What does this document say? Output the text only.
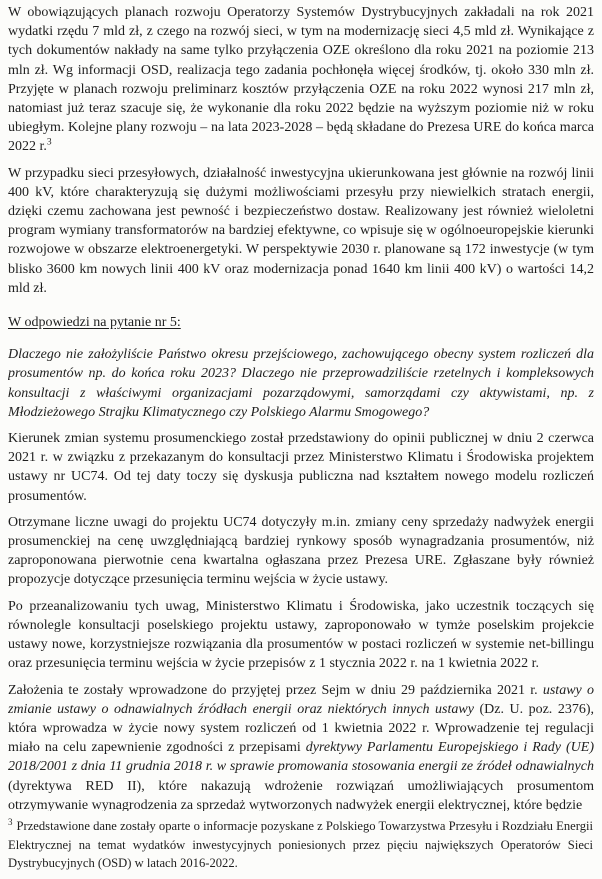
W obowiązujących planach rozwoju Operatorzy Systemów Dystrybucyjnych zakładali na rok 2021 wydatki rzędu 7 mld zł, z czego na rozwój sieci, w tym na modernizację sieci 4,5 mld zł. Wynikające z tych dokumentów nakłady na same tylko przyłączenia OZE określono dla roku 2021 na poziomie 213 mln zł. Wg informacji OSD, realizacja tego zadania pochłonęła więcej środków, tj. około 330 mln zł. Przyjęte w planach rozwoju preliminarz kosztów przyłączenia OZE na roku 2022 wynosi 217 mln zł, natomiast już teraz szacuje się, że wykonanie dla roku 2022 będzie na wyższym poziomie niż w roku ubiegłym. Kolejne plany rozwoju – na lata 2023-2028 – będą składane do Prezesa URE do końca marca 2022 r.$^3$

W przypadku sieci przesyłowych, działalność inwestycyjna ukierunkowana jest głównie na rozwój linii 400 kV, które charakteryzują się dużymi możliwościami przesyłu przy niewielkich stratach energii, dzięki czemu zachowana jest pewność i bezpieczeństwo dostaw. Realizowany jest również wieloletni program wymiany transformatorów na bardziej efektywne, co wpisuje się w ogólnoeuropejskie kierunki rozwojowe w obszarze elektroenergetyki. W perspektywie 2030 r. planowane są 172 inwestycje (w tym blisko 3600 km nowych linii 400 kV oraz modernizacja ponad 1640 km linii 400 kV) o wartości 14,2 mld zł.

W odpowiedzi na pytanie nr 5:

Dlaczego nie założyliście Państwo okresu przejściowego, zachowującego obecny system rozliczeń dla prosumentów np. do końca roku 2023? Dlaczego nie przeprowadziliście rzetelnych i kompleksowych konsultacji z właściwymi organizacjami pozarządowymi, samorządami czy aktywistami, np. z Młodzieżowego Strajku Klimatycznego czy Polskiego Alarmu Smogowego?

Kierunek zmian systemu prosumenckiego został przedstawiony do opinii publicznej w dniu 2 czerwca 2021 r. w związku z przekazanym do konsultacji przez Ministerstwo Klimatu i Środowiska projektem ustawy nr UC74. Od tej daty toczy się dyskusja publiczna nad kształtem nowego modelu rozliczeń prosumentów.

Otrzymane liczne uwagi do projektu UC74 dotyczyły m.in. zmiany ceny sprzedaży nadwyżek energii prosumenckiej na cenę uwzględniającą bardziej rynkowy sposób wynagradzania prosumentów, niż zaproponowana pierwotnie cena kwartalna ogłaszana przez Prezesa URE. Zgłaszane były również propozycje dotyczące przesunięcia terminu wejścia w życie ustawy.

Po przeanalizowaniu tych uwag, Ministerstwo Klimatu i Środowiska, jako uczestnik toczących się równolegle konsultacji poselskiego projektu ustawy, zaproponowało w tymże poselskim projekcie ustawy nowe, korzystniejsze rozwiązania dla prosumentów w postaci rozliczeń w systemie net-billingu oraz przesunięcia terminu wejścia w życie przepisów z 1 stycznia 2022 r. na 1 kwietnia 2022 r.

Założenia te zostały wprowadzone do przyjętej przez Sejm w dniu 29 października 2021 r. ustawy o zmianie ustawy o odnawialnych źródłach energii oraz niektórych innych ustawy (Dz. U. poz. 2376), która wprowadza w życie nowy system rozliczeń od 1 kwietnia 2022 r. Wprowadzenie tej regulacji miało na celu zapewnienie zgodności z przepisami dyrektywy Parlamentu Europejskiego i Rady (UE) 2018/2001 z dnia 11 grudnia 2018 r. w sprawie promowania stosowania energii ze źródeł odnawialnych (dyrektywa RED II), które nakazują wdrożenie rozwiązań umożliwiających prosumentom otrzymywanie wynagrodzenia za sprzedaż wytworzonych nadwyżek energii elektrycznej, które będzie

$^3$ Przedstawione dane zostały oparte o informacje pozyskane z Polskiego Towarzystwa Przesyłu i Rozdziału Energii Elektrycznej na temat wydatków inwestycyjnych poniesionych przez pięciu największych Operatorów Sieci Dystrybucyjnych (OSD) w latach 2016-2022.
